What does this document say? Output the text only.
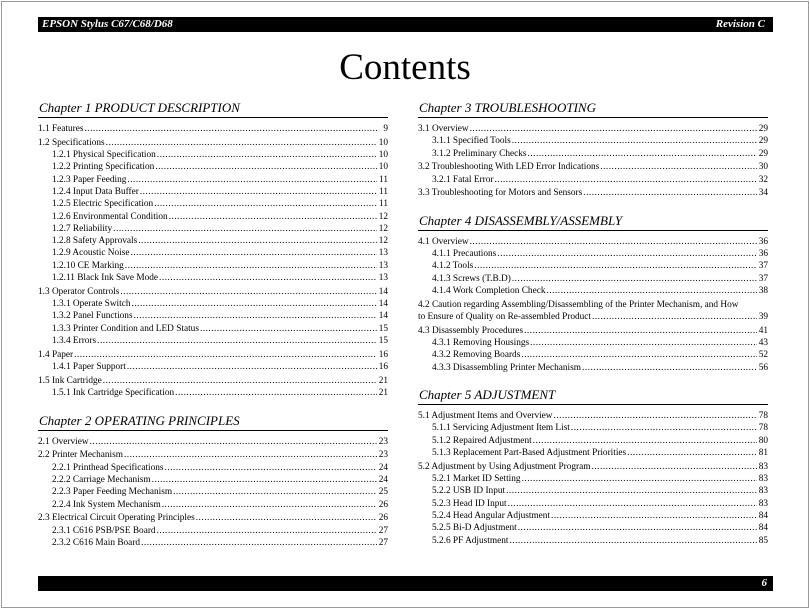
EPSON Stylus C67/C68/D68	Revision C
Contents
Chapter 1 PRODUCT DESCRIPTION
1.1 Features .....	9
1.2 Specifications .....	10
1.2.1 Physical Specification .....	10
1.2.2 Printing Specification .....	10
1.2.3 Paper Feeding .....	11
1.2.4 Input Data Buffer .....	11
1.2.5 Electric Specification .....	11
1.2.6 Environmental Condition .....	12
1.2.7 Reliability .....	12
1.2.8 Safety Approvals .....	12
1.2.9 Acoustic Noise .....	13
1.2.10 CE Marking .....	13
1.2.11 Black Ink Save Mode .....	13
1.3 Operator Controls .....	14
1.3.1 Operate Switch .....	14
1.3.2 Panel Functions .....	14
1.3.3 Printer Condition and LED Status .....	15
1.3.4 Errors .....	15
1.4 Paper .....	16
1.4.1 Paper Support .....	16
1.5 Ink Cartridge .....	21
1.5.1 Ink Cartridge Specification .....	21
Chapter 2 OPERATING PRINCIPLES
2.1 Overview .....	23
2.2 Printer Mechanism .....	23
2.2.1 Printhead Specifications .....	24
2.2.2 Carriage Mechanism .....	24
2.2.3 Paper Feeding Mechanism .....	25
2.2.4 Ink System Mechanism .....	26
2.3 Electrical Circuit Operating Principles .....	26
2.3.1 C616 PSB/PSE Board .....	27
2.3.2 C616 Main Board .....	27
Chapter 3 TROUBLESHOOTING
3.1 Overview .....	29
3.1.1 Specified Tools .....	29
3.1.2 Preliminary Checks .....	29
3.2 Troubleshooting With LED Error Indications .....	30
3.2.1 Fatal Error .....	32
3.3 Troubleshooting for Motors and Sensors .....	34
Chapter 4 DISASSEMBLY/ASSEMBLY
4.1 Overview .....	36
4.1.1 Precautions .....	36
4.1.2 Tools .....	37
4.1.3 Screws (T.B.D) .....	37
4.1.4 Work Completion Check .....	38
4.2 Caution regarding Assembling/Disassembling of the Printer Mechanism, and How
to Ensure of Quality on Re-assembled Product .....	39
4.3 Disassembly Procedures .....	41
4.3.1 Removing Housings .....	43
4.3.2 Removing Boards .....	52
4.3.3 Disassembling Printer Mechanism .....	56
Chapter 5 ADJUSTMENT
5.1 Adjustment Items and Overview .....	78
5.1.1 Servicing Adjustment Item List .....	78
5.1.2 Repaired Adjustment .....	80
5.1.3 Replacement Part-Based Adjustment Priorities .....	81
5.2 Adjustment by Using Adjustment Program .....	83
5.2.1 Market ID Setting .....	83
5.2.2 USB ID Input .....	83
5.2.3 Head ID Input .....	83
5.2.4 Head Angular Adjustment .....	84
5.2.5 Bi-D Adjustment .....	84
5.2.6 PF Adjustment .....	85
6
